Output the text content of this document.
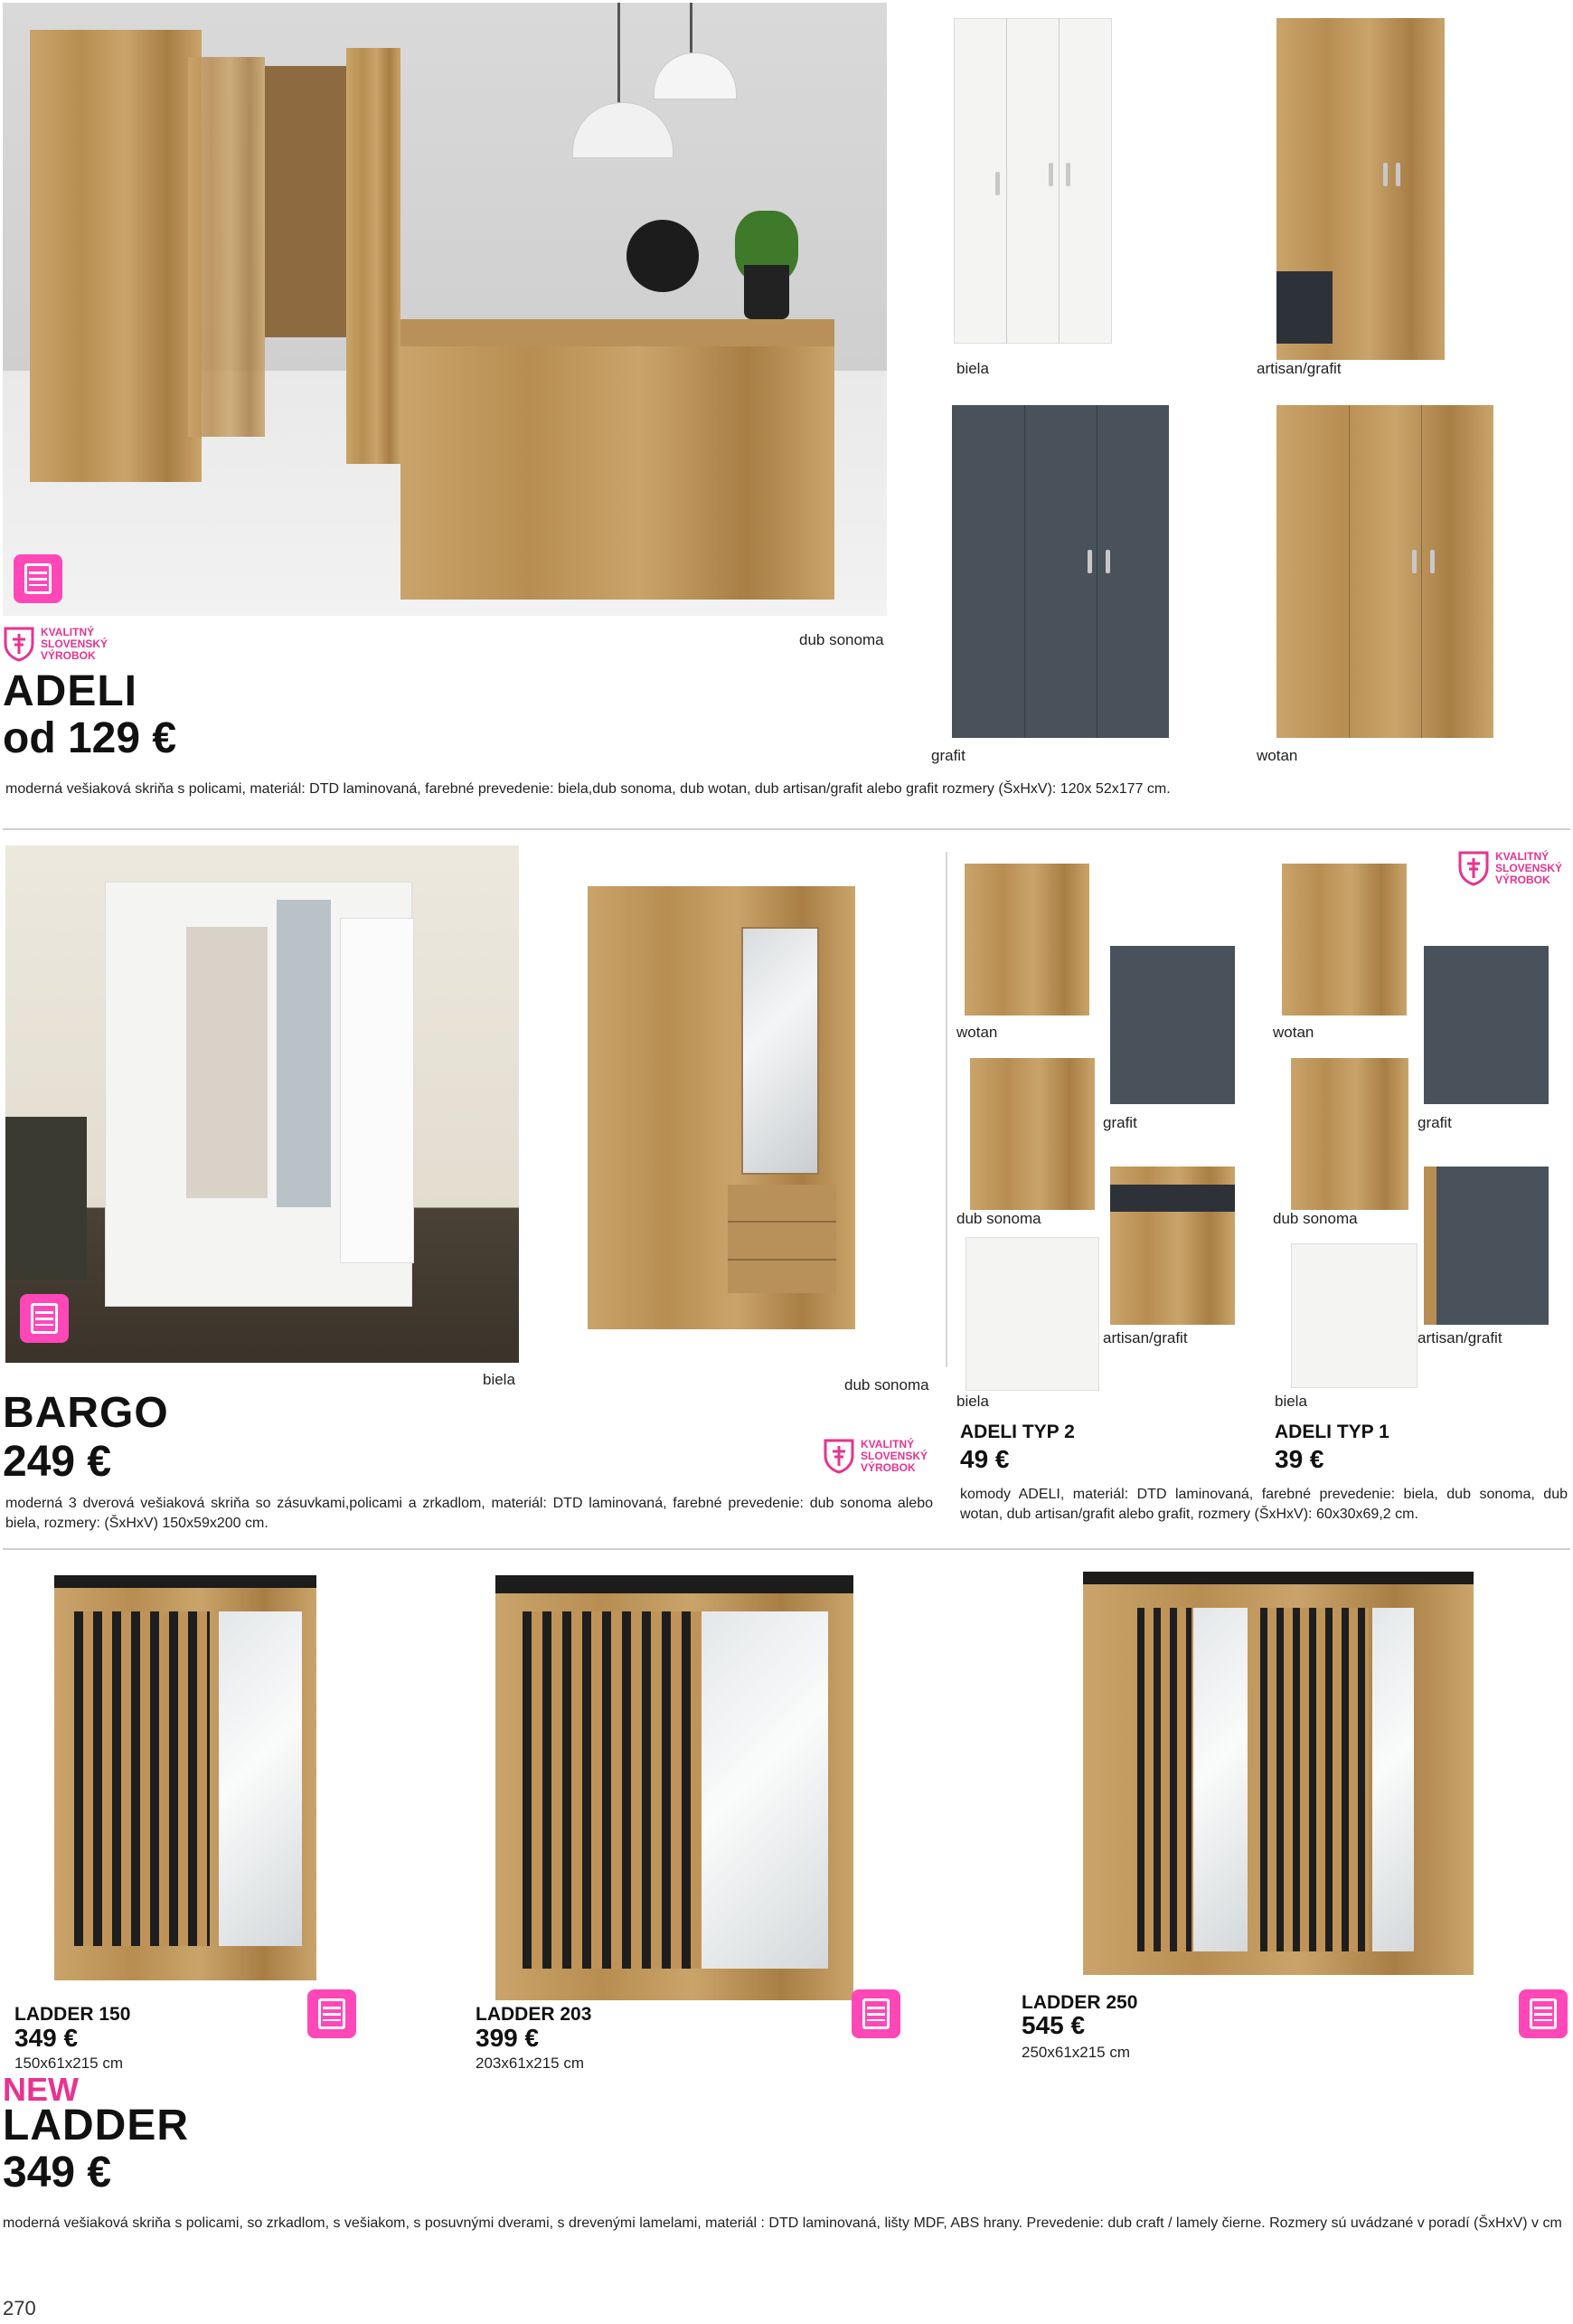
biela	artisan/grafit
grafit	wotan
KVALITNÝ SLOVENSKÝ VÝROBOK
dub sonoma
ADELI
od 129 €
moderná vešiaková skriňa s policami, materiál: DTD laminovaná, farebné prevedenie: biela,dub sonoma, dub wotan, dub artisan/grafit alebo grafit rozmery (ŠxHxV): 120x 52x177 cm.
biela	dub sonoma
BARGO
249 €	KVALITNÝ SLOVENSKÝ VÝROBOK
moderná 3 dverová vešiaková skriňa so zásuvkami,policami a zrkadlom, materiál: DTD laminovaná, farebné prevedenie: dub sonoma alebo biela, rozmery: (ŠxHxV) 150x59x200 cm.
KVALITNÝ SLOVENSKÝ VÝROBOK
wotan
grafit
dub sonoma
artisan/grafit
biela
wotan
grafit
dub sonoma
artisan/grafit
biela
ADELI TYP 2
49 €
ADELI TYP 1
39 €
komody ADELI, materiál: DTD laminovaná, farebné prevedenie: biela, dub sonoma, dub wotan, dub artisan/grafit alebo grafit, rozmery (ŠxHxV): 60x30x69,2 cm.
LADDER 150
349 €
150x61x215 cm
LADDER 203
399 €
203x61x215 cm
LADDER 250
545 €
250x61x215 cm
NEW
LADDER
349 €
moderná vešiaková skriňa s policami, so zrkadlom, s vešiakom, s posuvnými dverami, s drevenými lamelami, materiál : DTD laminovaná, lišty MDF, ABS hrany. Prevedenie: dub craft / lamely čierne. Rozmery sú uvádzané v poradí (ŠxHxV) v cm
270
